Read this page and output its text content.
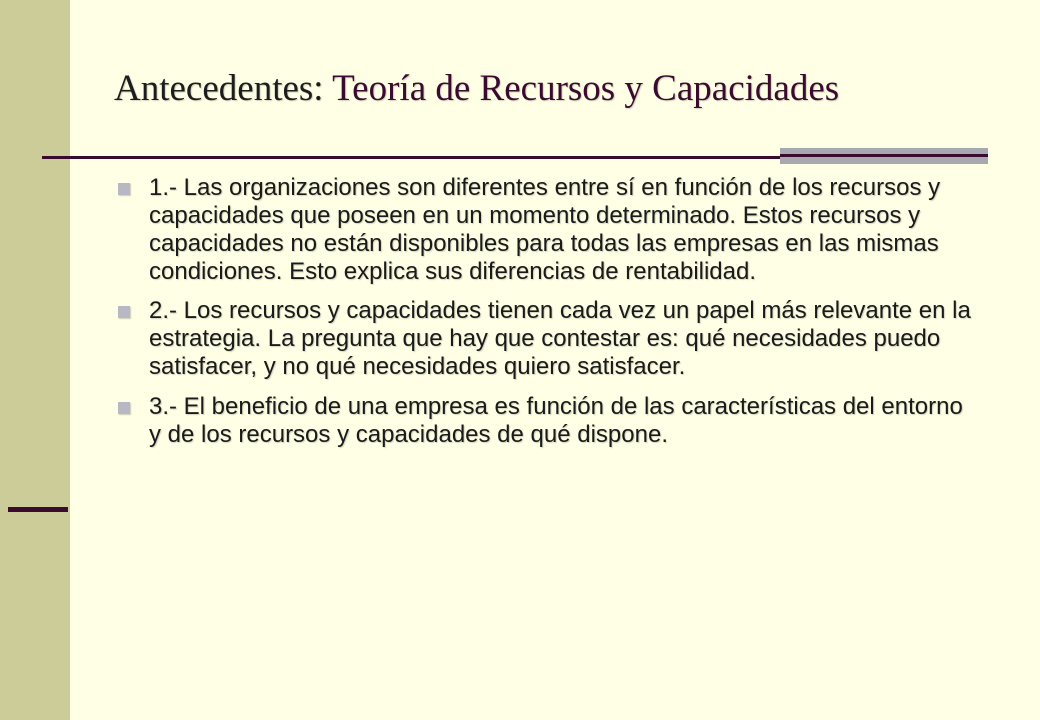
Antecedentes: Teoría de Recursos y Capacidades
1.- Las organizaciones son diferentes entre sí en función de los recursos y capacidades que poseen en un momento determinado. Estos recursos y capacidades no están disponibles para todas las empresas en las mismas condiciones. Esto explica sus diferencias de rentabilidad.
2.- Los recursos y capacidades tienen cada vez un papel más relevante en la estrategia. La pregunta que hay que contestar es: qué necesidades puedo satisfacer, y no qué necesidades quiero satisfacer.
3.- El beneficio de una empresa es función de las características del entorno y de los recursos y capacidades de qué dispone.
